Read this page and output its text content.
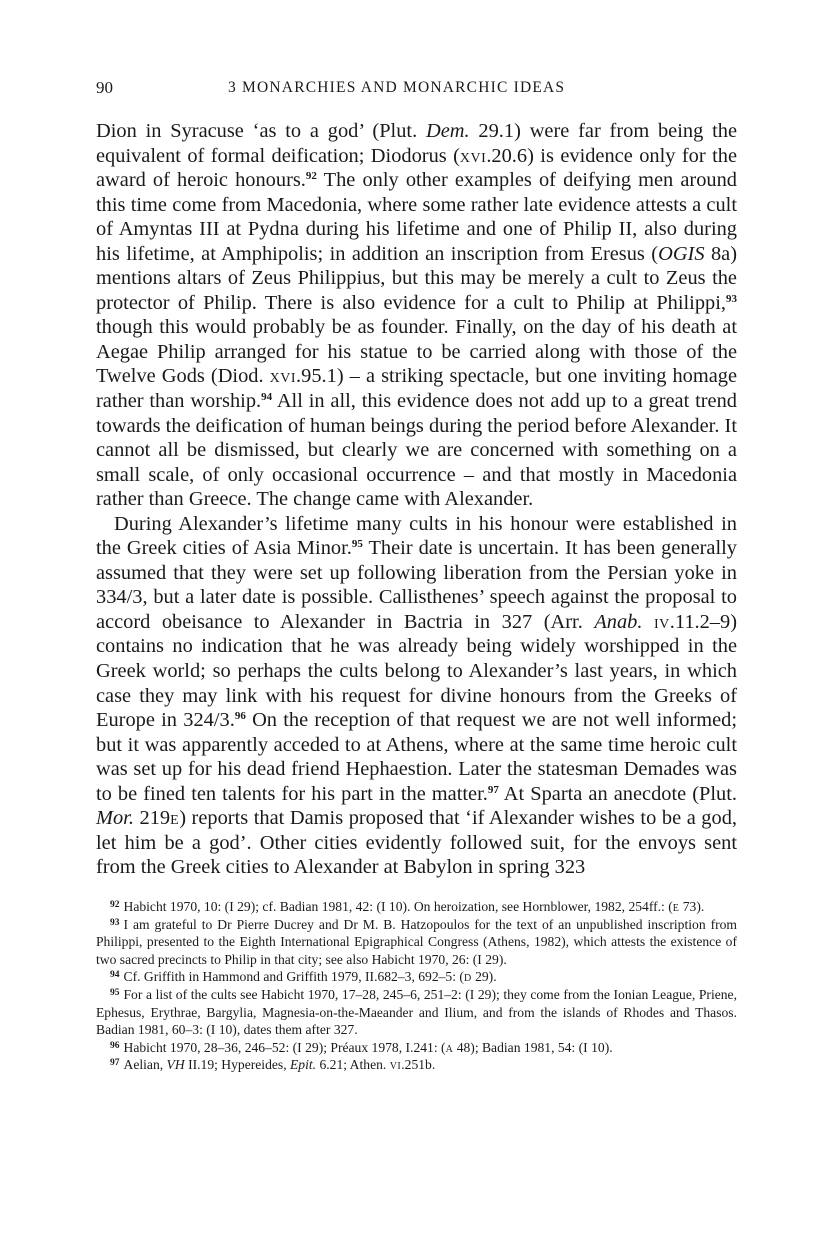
90	3 MONARCHIES AND MONARCHIC IDEAS

Dion in Syracuse ‘as to a god’ (Plut. Dem. 29.1) were far from being the equivalent of formal deification; Diodorus (xvi.20.6) is evidence only for the award of heroic honours.$^{92}$ The only other examples of deifying men around this time come from Macedonia, where some rather late evidence attests a cult of Amyntas III at Pydna during his lifetime and one of Philip II, also during his lifetime, at Amphipolis; in addition an inscription from Eresus (OGIS 8a) mentions altars of Zeus Philippius, but this may be merely a cult to Zeus the protector of Philip. There is also evidence for a cult to Philip at Philippi,$^{93}$ though this would probably be as founder. Finally, on the day of his death at Aegae Philip arranged for his statue to be carried along with those of the Twelve Gods (Diod. xvi.95.1) – a striking spectacle, but one inviting homage rather than worship.$^{94}$ All in all, this evidence does not add up to a great trend towards the deification of human beings during the period before Alexander. It cannot all be dismissed, but clearly we are concerned with something on a small scale, of only occasional occurrence – and that mostly in Macedonia rather than Greece. The change came with Alexander.

During Alexander’s lifetime many cults in his honour were established in the Greek cities of Asia Minor.$^{95}$ Their date is uncertain. It has been generally assumed that they were set up following liberation from the Persian yoke in 334/3, but a later date is possible. Callisthenes’ speech against the proposal to accord obeisance to Alexander in Bactria in 327 (Arr. Anab. iv.11.2–9) contains no indication that he was already being widely worshipped in the Greek world; so perhaps the cults belong to Alexander’s last years, in which case they may link with his request for divine honours from the Greeks of Europe in 324/3.96 On the reception of that request we are not well informed; but it was apparently acceded to at Athens, where at the same time heroic cult was set up for his dead friend Hephaestion. Later the statesman Demades was to be fined ten talents for his part in the matter.$^{97}$ At Sparta an anecdote (Plut. Mor. 219e) reports that Damis proposed that ‘if Alexander wishes to be a god, let him be a god’. Other cities evidently followed suit, for the envoys sent from the Greek cities to Alexander at Babylon in spring 323

$^{92}$ Habicht 1970, 10: (I 29); cf. Badian 1981, 42: (I 10). On heroization, see Hornblower, 1982, 254ff.: (e 73).

$^{93}$ I am grateful to Dr Pierre Ducrey and Dr M. B. Hatzopoulos for the text of an unpublished inscription from Philippi, presented to the Eighth International Epigraphical Congress (Athens, 1982), which attests the existence of two sacred precincts to Philip in that city; see also Habicht 1970, 26: (I 29).

$^{94}$ Cf. Griffith in Hammond and Griffith 1979, II.682–3, 692–5: (d 29).

$^{95}$ For a list of the cults see Habicht 1970, 17–28, 245–6, 251–2: (I 29); they come from the Ionian League, Priene, Ephesus, Erythrae, Bargylia, Magnesia-on-the-Maeander and Ilium, and from the islands of Rhodes and Thasos. Badian 1981, 60–3: (I 10), dates them after 327.

$^{96}$ Habicht 1970, 28–36, 246–52: (I 29); Préaux 1978, I.241: (a 48); Badian 1981, 54: (I 10).

$^{97}$ Aelian, VH II.19; Hypereides, Epit. 6.21; Athen. vi.251b.
